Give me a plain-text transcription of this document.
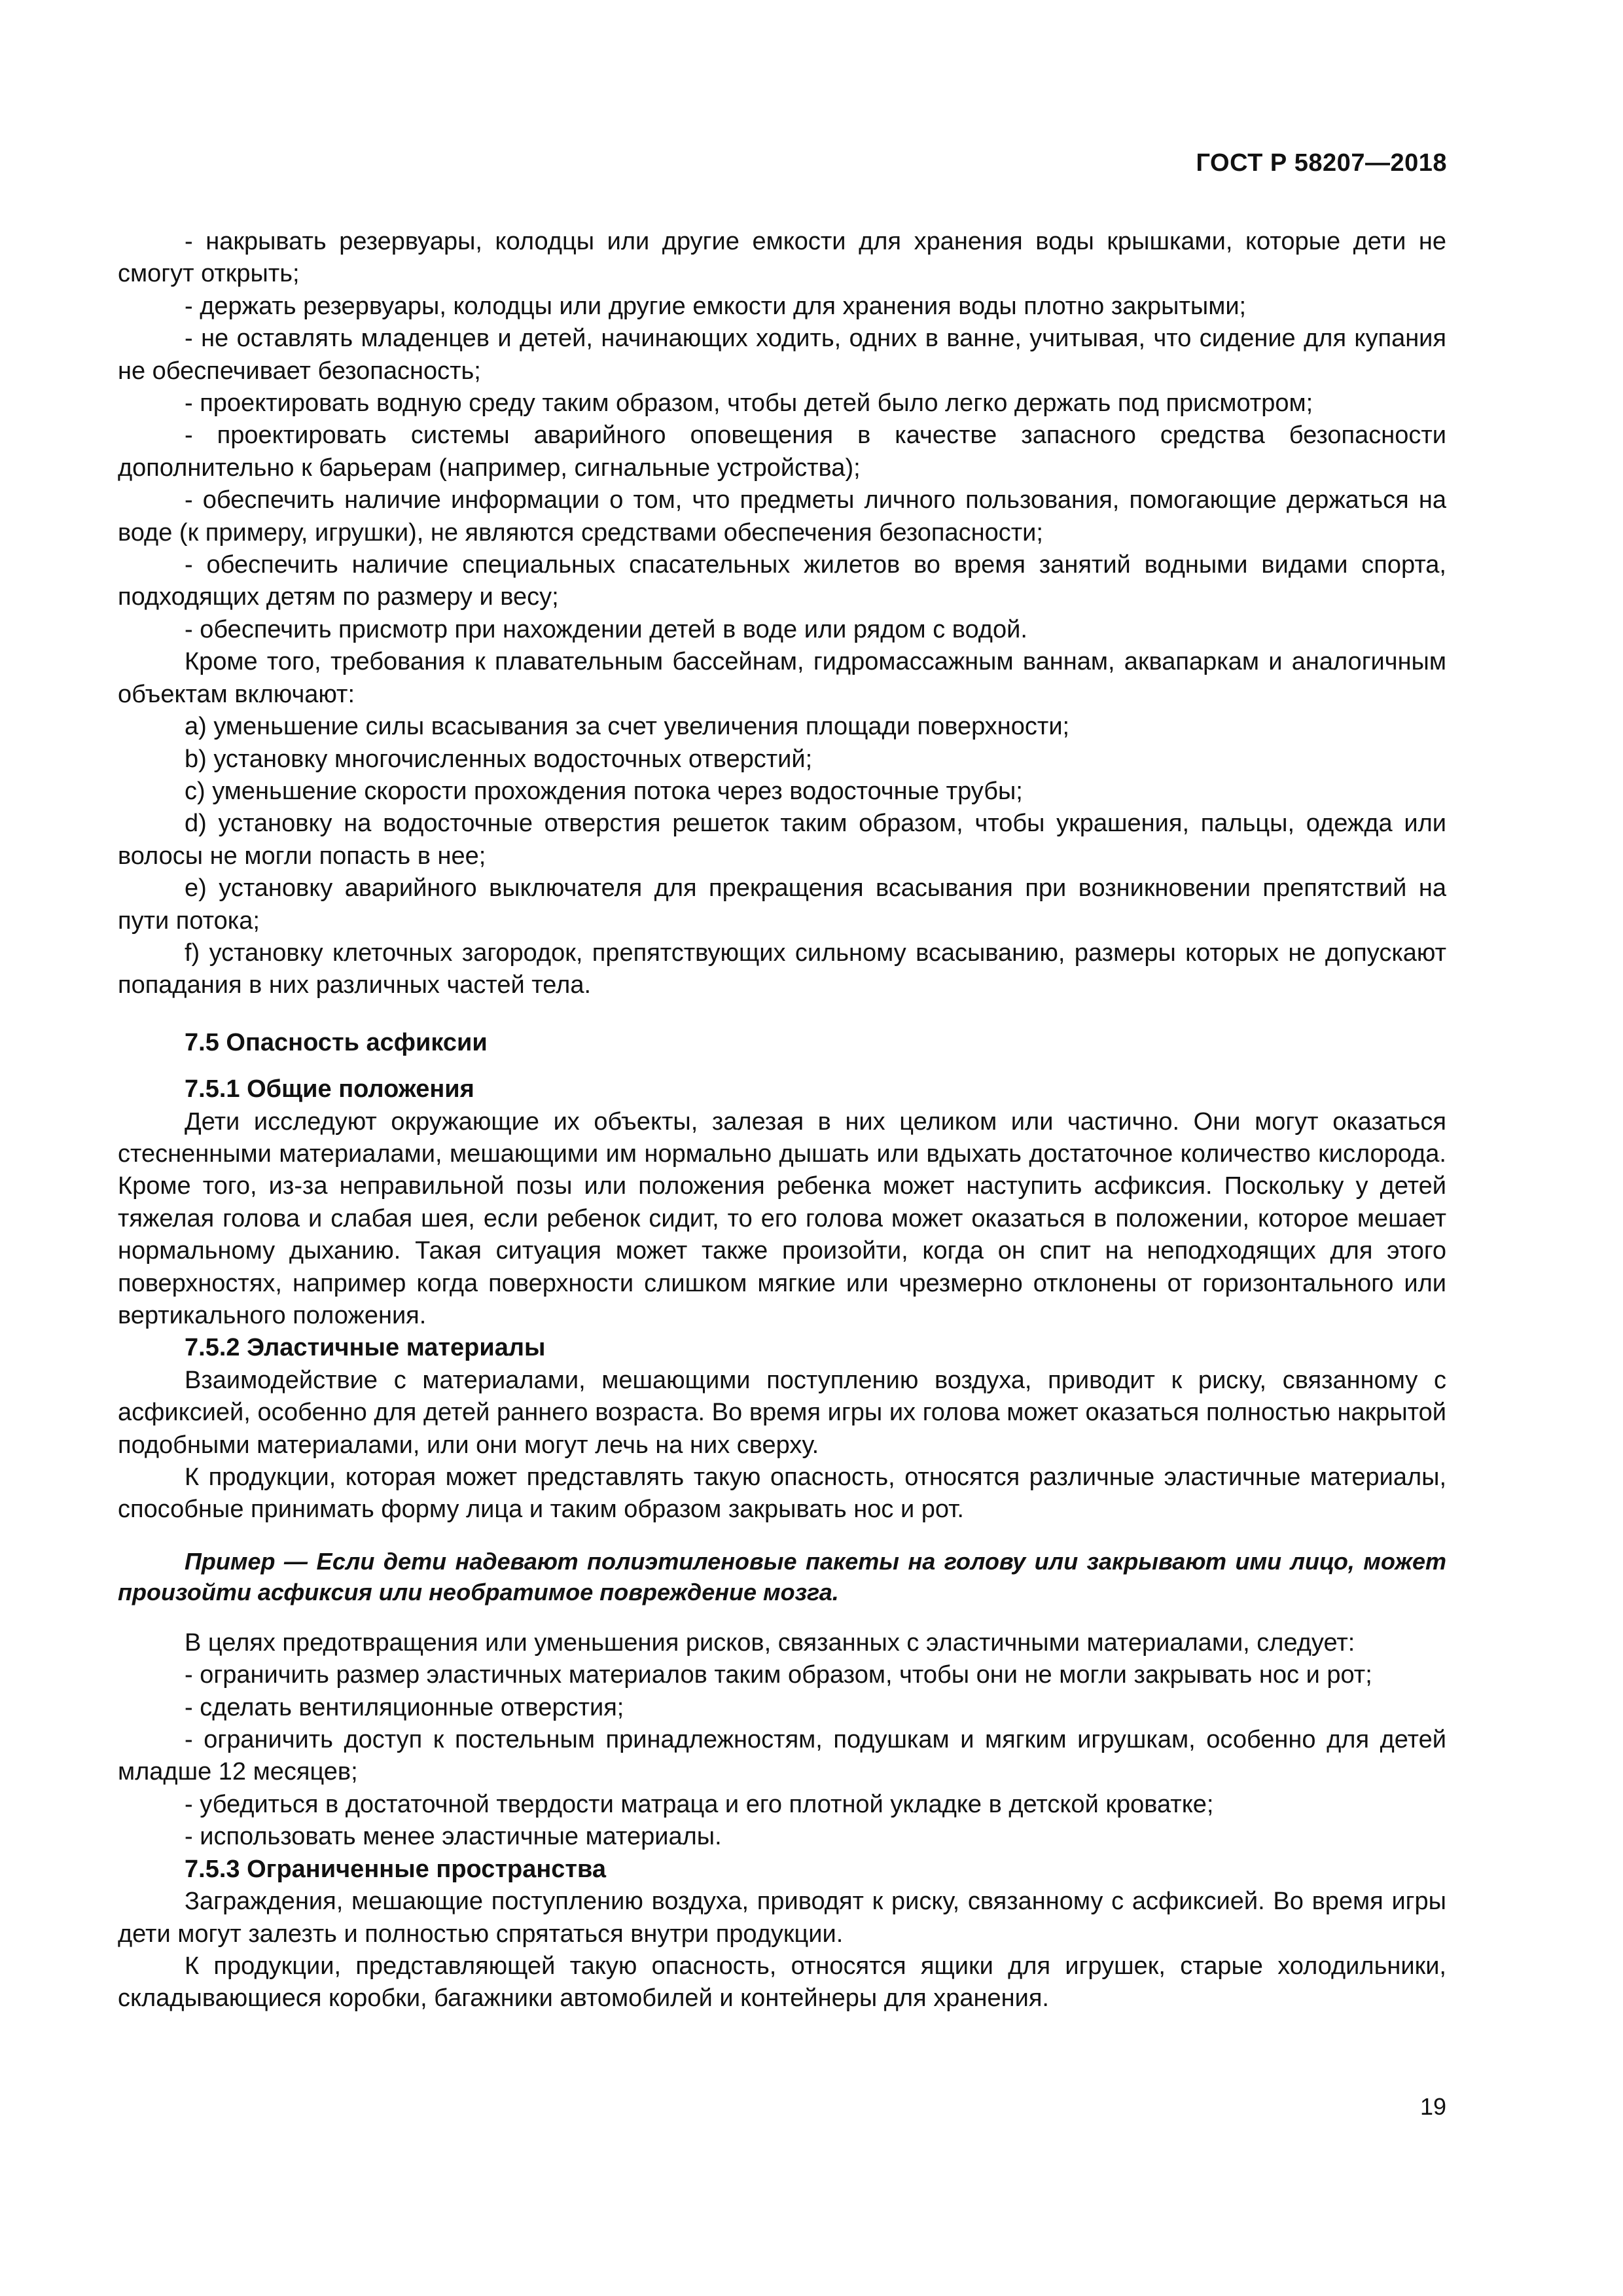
ГОСТ Р 58207—2018

- накрывать резервуары, колодцы или другие емкости для хранения воды крышками, которые дети не смогут открыть;

- держать резервуары, колодцы или другие емкости для хранения воды плотно закрытыми;

- не оставлять младенцев и детей, начинающих ходить, одних в ванне, учитывая, что сидение для купания не обеспечивает безопасность;

- проектировать водную среду таким образом, чтобы детей было легко держать под присмотром;

- проектировать системы аварийного оповещения в качестве запасного средства безопасности дополнительно к барьерам (например, сигнальные устройства);

- обеспечить наличие информации о том, что предметы личного пользования, помогающие держаться на воде (к примеру, игрушки), не являются средствами обеспечения безопасности;

- обеспечить наличие специальных спасательных жилетов во время занятий водными видами спорта, подходящих детям по размеру и весу;

- обеспечить присмотр при нахождении детей в воде или рядом с водой.

Кроме того, требования к плавательным бассейнам, гидромассажным ваннам, аквапаркам и аналогичным объектам включают:

a) уменьшение силы всасывания за счет увеличения площади поверхности;

b) установку многочисленных водосточных отверстий;

c) уменьшение скорости прохождения потока через водосточные трубы;

d) установку на водосточные отверстия решеток таким образом, чтобы украшения, пальцы, одежда или волосы не могли попасть в нее;

e) установку аварийного выключателя для прекращения всасывания при возникновении препятствий на пути потока;

f) установку клеточных загородок, препятствующих сильному всасыванию, размеры которых не допускают попадания в них различных частей тела.

7.5 Опасность асфиксии
7.5.1 Общие положения

Дети исследуют окружающие их объекты, залезая в них целиком или частично. Они могут оказаться стесненными материалами, мешающими им нормально дышать или вдыхать достаточное количество кислорода. Кроме того, из-за неправильной позы или положения ребенка может наступить асфиксия. Поскольку у детей тяжелая голова и слабая шея, если ребенок сидит, то его голова может оказаться в положении, которое мешает нормальному дыханию. Такая ситуация может также произойти, когда он спит на неподходящих для этого поверхностях, например когда поверхности слишком мягкие или чрезмерно отклонены от горизонтального или вертикального положения.

7.5.2 Эластичные материалы

Взаимодействие с материалами, мешающими поступлению воздуха, приводит к риску, связанному с асфиксией, особенно для детей раннего возраста. Во время игры их голова может оказаться полностью накрытой подобными материалами, или они могут лечь на них сверху.

К продукции, которая может представлять такую опасность, относятся различные эластичные материалы, способные принимать форму лица и таким образом закрывать нос и рот.

Пример — Если дети надевают полиэтиленовые пакеты на голову или закрывают ими лицо, может произойти асфиксия или необратимое повреждение мозга.

В целях предотвращения или уменьшения рисков, связанных с эластичными материалами, следует:

- ограничить размер эластичных материалов таким образом, чтобы они не могли закрывать нос и рот;

- сделать вентиляционные отверстия;

- ограничить доступ к постельным принадлежностям, подушкам и мягким игрушкам, особенно для детей младше 12 месяцев;

- убедиться в достаточной твердости матраца и его плотной укладке в детской кроватке;

- использовать менее эластичные материалы.

7.5.3 Ограниченные пространства

Заграждения, мешающие поступлению воздуха, приводят к риску, связанному с асфиксией. Во время игры дети могут залезть и полностью спрятаться внутри продукции.

К продукции, представляющей такую опасность, относятся ящики для игрушек, старые холодильники, складывающиеся коробки, багажники автомобилей и контейнеры для хранения.

19
